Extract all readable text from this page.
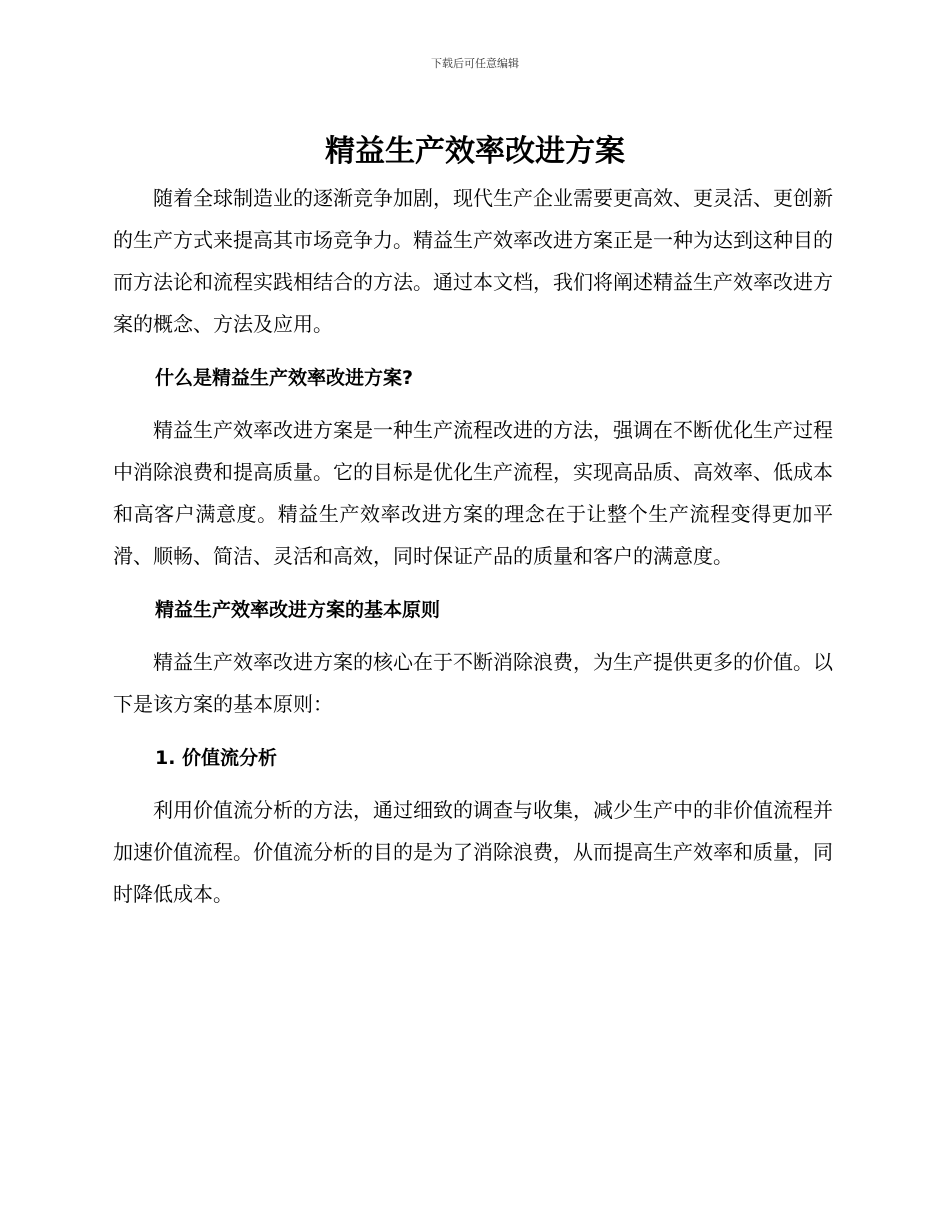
下载后可任意编辑
精益生产效率改进方案

随着全球制造业的逐渐竞争加剧，现代生产企业需要更高效、更灵活、更创新的生产方式来提高其市场竞争力。精益生产效率改进方案正是一种为达到这种目的而方法论和流程实践相结合的方法。通过本文档，我们将阐述精益生产效率改进方案的概念、方法及应用。

什么是精益生产效率改进方案?

精益生产效率改进方案是一种生产流程改进的方法，强调在不断优化生产过程中消除浪费和提高质量。它的目标是优化生产流程，实现高品质、高效率、低成本和高客户满意度。精益生产效率改进方案的理念在于让整个生产流程变得更加平滑、顺畅、简洁、灵活和高效，同时保证产品的质量和客户的满意度。

精益生产效率改进方案的基本原则

精益生产效率改进方案的核心在于不断消除浪费，为生产提供更多的价值。以下是该方案的基本原则：

1. 价值流分析

利用价值流分析的方法，通过细致的调查与收集，减少生产中的非价值流程并加速价值流程。价值流分析的目的是为了消除浪费，从而提高生产效率和质量，同时降低成本。
